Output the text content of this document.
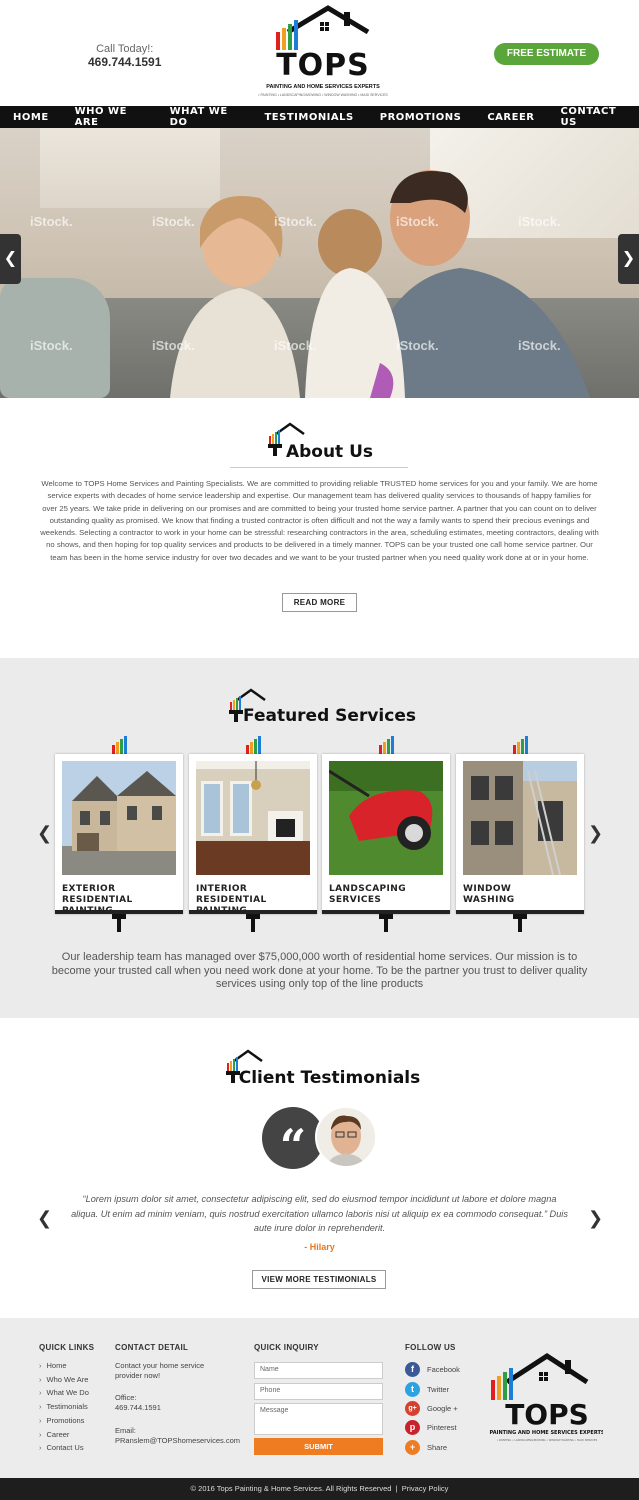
Call Today!:
469.744.1591	TOPS
PAINTING AND HOME SERVICES EXPERTS
• PAINTING • LANDSCAPING/MOWING • WINDOW WASHING • MAID SERVICES
FREE ESTIMATE
HOME	WHO WE ARE
WHAT WE DO	TESTIMONIALS	PROMOTIONS	CAREER	CONTACT US
iStock.	iStock.	iStock.	iStock.	iStock.
iStock.	iStock.	iStock.	iStock.	iStock.
❮	❯
About Us
Welcome to TOPS Home Services and Painting Specialists. We are committed to providing reliable TRUSTED home services for you and your family. We are home service experts with decades of home service leadership and expertise. Our management team has delivered quality services to thousands of happy families for over 25 years. We take pride in delivering on our promises and are committed to being your trusted home service partner. A partner that you can count on to deliver outstanding quality as promised. We know that finding a trusted contractor is often difficult and not the way a family wants to spend their precious evenings and weekends. Selecting a contractor to work in your home can be stressful: researching contractors in the area, scheduling estimates, meeting contractors, dealing with no shows, and then hoping for top quality services and products to be delivered in a timely manner. TOPS can be your trusted one call home service partner. Our team has been in the home service industry for over two decades and we want to be your trusted partner when you need quality work done at or in your home.
READ MORE
Featured Services
❮	❯
EXTERIOR RESIDENTIAL
INTERIOR RESIDENTIAL
LANDSCAPING
SERVICES
WINDOW
WASHING
Our leadership team has managed over $75,000,000 worth of residential home services. Our mission is to become your trusted call when you need work done at your home. To be the partner you trust to deliver quality services using only top of the line products
Client Testimonials
“
❮	❯
“Lorem ipsum dolor sit amet, consectetur adipiscing elit, sed do eiusmod tempor incididunt ut labore et dolore magna aliqua. Ut enim ad minim veniam, quis nostrud exercitation ullamco laboris nisi ut aliquip ex ea commodo consequat.” Duis aute irure dolor in reprehenderit.
- Hilary
VIEW MORE TESTIMONIALS
QUICK LINKS
› Home
› Who We Are
› What We Do
› Testimonials
› Promotions
› Career
› Contact Us
CONTACT DETAIL
Contact your home service provider now!
Office:
469.744.1591
Email:
PRanslem@TOPShomeservices.com
QUICK INQUIRY
Name
Phone
Message
SUBMIT
FOLLOW US
f	Facebook
t	Twitter
g+	Google +
p	Pinterest
+	Share
TOPS
PAINTING AND HOME SERVICES EXPERTS
• PAINTING • LANDSCAPING/MOWING • WINDOW WASHING • MAID SERVICES
© 2016 Tops Painting & Home Services. All Rights Reserved | Privacy Policy
